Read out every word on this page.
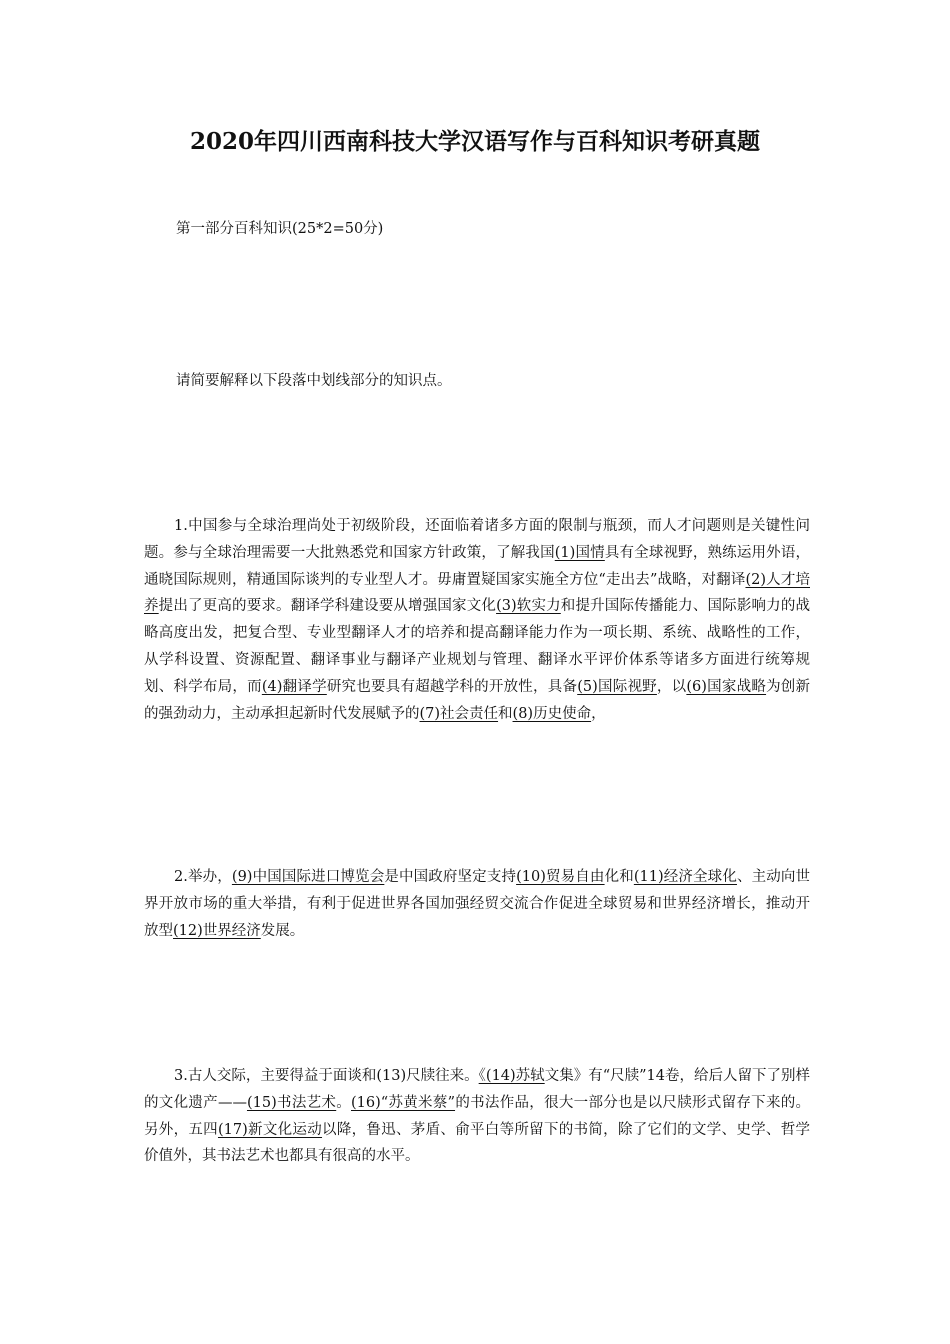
2020年四川西南科技大学汉语写作与百科知识考研真题

第一部分百科知识(25*2=50分)

请简要解释以下段落中划线部分的知识点。

1.中国参与全球治理尚处于初级阶段，还面临着诸多方面的限制与瓶颈，而人才问题则是关键性问题。参与全球治理需要一大批熟悉党和国家方针政策，了解我国(1)国情具有全球视野，熟练运用外语，通晓国际规则，精通国际谈判的专业型人才。毋庸置疑国家实施全方位“走出去”战略，对翻译(2)人才培养提出了更高的要求。翻译学科建设要从增强国家文化(3)软实力和提升国际传播能力、国际影响力的战略高度出发，把复合型、专业型翻译人才的培养和提高翻译能力作为一项长期、系统、战略性的工作，从学科设置、资源配置、翻译事业与翻译产业规划与管理、翻译水平评价体系等诸多方面进行统筹规划、科学布局，而(4)翻译学研究也要具有超越学科的开放性，具备(5)国际视野，以(6)国家战略为创新的强劲动力，主动承担起新时代发展赋予的(7)社会责任和(8)历史使命，

2.举办，(9)中国国际进口博览会是中国政府坚定支持(10)贸易自由化和(11)经济全球化、主动向世界开放市场的重大举措，有利于促进世界各国加强经贸交流合作促进全球贸易和世界经济增长，推动开放型(12)世界经济发展。

3.古人交际，主要得益于面谈和(13)尺牍往来。《(14)苏轼文集》有“尺牍”14卷，给后人留下了别样的文化遗产——(15)书法艺术。(16)“苏黄米蔡”的书法作品，很大一部分也是以尺牍形式留存下来的。另外，五四(17)新文化运动以降，鲁迅、茅盾、俞平白等所留下的书简，除了它们的文学、史学、哲学价值外，其书法艺术也都具有很高的水平。
